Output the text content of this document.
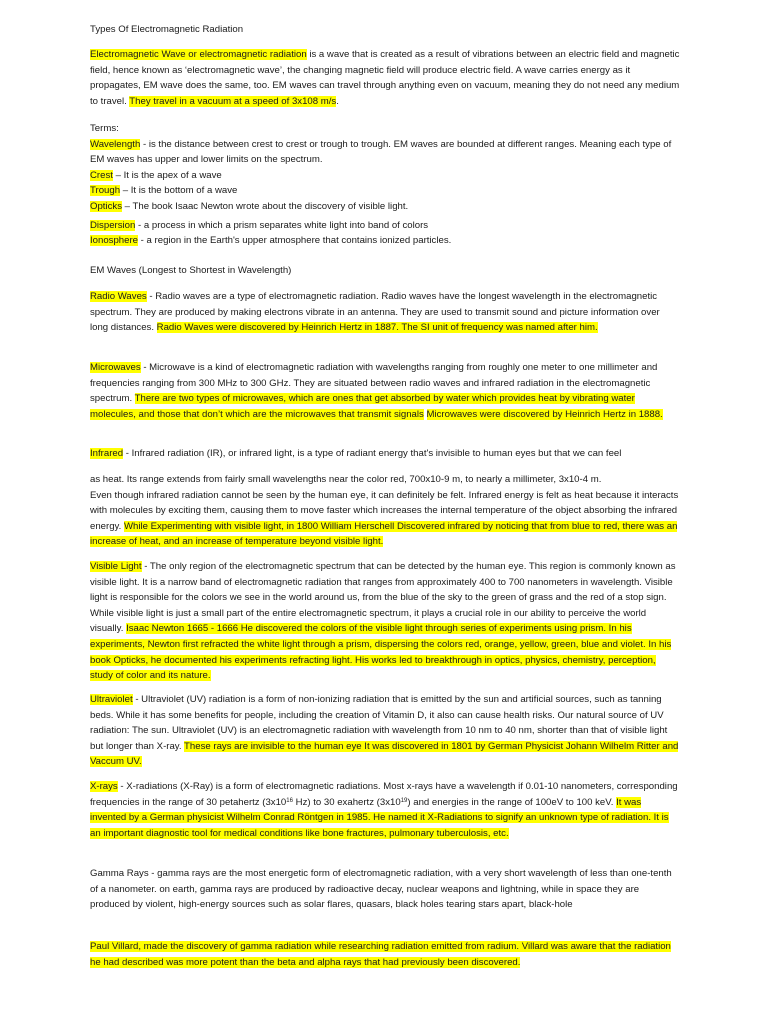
Types Of Electromagnetic Radiation

Electromagnetic Wave or electromagnetic radiation is a wave that is created as a result of vibrations between an electric field and magnetic field, hence known as ‘electromagnetic wave’, the changing magnetic field will produce electric field. A wave carries energy as it propagates, EM wave does the same, too. EM waves can travel through anything even on vacuum, meaning they do not need any medium to travel. They travel in a vacuum at a speed of 3x108 m/s.

Terms:

Wavelength - is the distance between crest to crest or trough to trough. EM waves are bounded at different ranges. Meaning each type of EM waves has upper and lower limits on the spectrum.

Crest – It is the apex of a wave

Trough – It is the bottom of a wave

Opticks – The book Isaac Newton wrote about the discovery of visible light.

Dispersion - a process in which a prism separates white light into band of colors

Ionosphere - a region in the Earth's upper atmosphere that contains ionized particles.

EM Waves (Longest to Shortest in Wavelength)

Radio Waves - Radio waves are a type of electromagnetic radiation. Radio waves have the longest wavelength in the electromagnetic spectrum. They are produced by making electrons vibrate in an antenna. They are used to transmit sound and picture information over long distances. Radio Waves were discovered by Heinrich Hertz in 1887. The SI unit of frequency was named after him.

Microwaves - Microwave is a kind of electromagnetic radiation with wavelengths ranging from roughly one meter to one millimeter and frequencies ranging from 300 MHz to 300 GHz. They are situated between radio waves and infrared radiation in the electromagnetic spectrum. There are two types of microwaves, which are ones that get absorbed by water which provides heat by vibrating water molecules, and those that don’t which are the microwaves that transmit signals Microwaves were discovered by Heinrich Hertz in 1888.

Infrared - Infrared radiation (IR), or infrared light, is a type of radiant energy that's invisible to human eyes but that we can feel

as heat. Its range extends from fairly small wavelengths near the color red, 700x10-9 m, to nearly a millimeter, 3x10-4 m.
Even though infrared radiation cannot be seen by the human eye, it can definitely be felt. Infrared energy is felt as heat because it interacts with molecules by exciting them, causing them to move faster which increases the internal temperature of the object absorbing the infrared energy. While Experimenting with visible light, in 1800 William Herschell Discovered infrared by noticing that from blue to red, there was an increase of heat, and an increase of temperature beyond visible light.

Visible Light - The only region of the electromagnetic spectrum that can be detected by the human eye. This region is commonly known as visible light. It is a narrow band of electromagnetic radiation that ranges from approximately 400 to 700 nanometers in wavelength. Visible light is responsible for the colors we see in the world around us, from the blue of the sky to the green of grass and the red of a stop sign. While visible light is just a small part of the entire electromagnetic spectrum, it plays a crucial role in our ability to perceive the world visually. Isaac Newton 1665 - 1666 He discovered the colors of the visible light through series of experiments using prism. In his experiments, Newton first refracted the white light through a prism, dispersing the colors red, orange, yellow, green, blue and violet. In his book Opticks, he documented his experiments refracting light. His works led to breakthrough in optics, physics, chemistry, perception, study of color and its nature.

Ultraviolet - Ultraviolet (UV) radiation is a form of non-ionizing radiation that is emitted by the sun and artificial sources, such as tanning beds. While it has some benefits for people, including the creation of Vitamin D, it also can cause health risks. Our natural source of UV radiation: The sun. Ultraviolet (UV) is an electromagnetic radiation with wavelength from 10 nm to 40 nm, shorter than that of visible light but longer than X-ray. These rays are invisible to the human eye It was discovered in 1801 by German Physicist Johann Wilhelm Ritter and Vaccum UV.

X-rays - X-radiations (X-Ray) is a form of electromagnetic radiations. Most x-rays have a wavelength if 0.01-10 nanometers, corresponding frequencies in the range of 30 petahertz ($3x10^{16}$ Hz) to 30 exahertz $(3x10^{19})$ and energies in the range of 100eV to 100 keV. It was invented by a German physicist Wilhelm Conrad Röntgen in 1985. He named it X-Radiations to signify an unknown type of radiation. It is an important diagnostic tool for medical conditions like bone fractures, pulmonary tuberculosis, etc.

Gamma Rays - gamma rays are the most energetic form of electromagnetic radiation, with a very short wavelength of less than one-tenth of a nanometer. on earth, gamma rays are produced by radioactive decay, nuclear weapons and lightning, while in space they are produced by violent, high-energy sources such as solar flares, quasars, black holes tearing stars apart, black-hole

Paul Villard, made the discovery of gamma radiation while researching radiation emitted from radium. Villard was aware that the radiation he had described was more potent than the beta and alpha rays that had previously been discovered.
